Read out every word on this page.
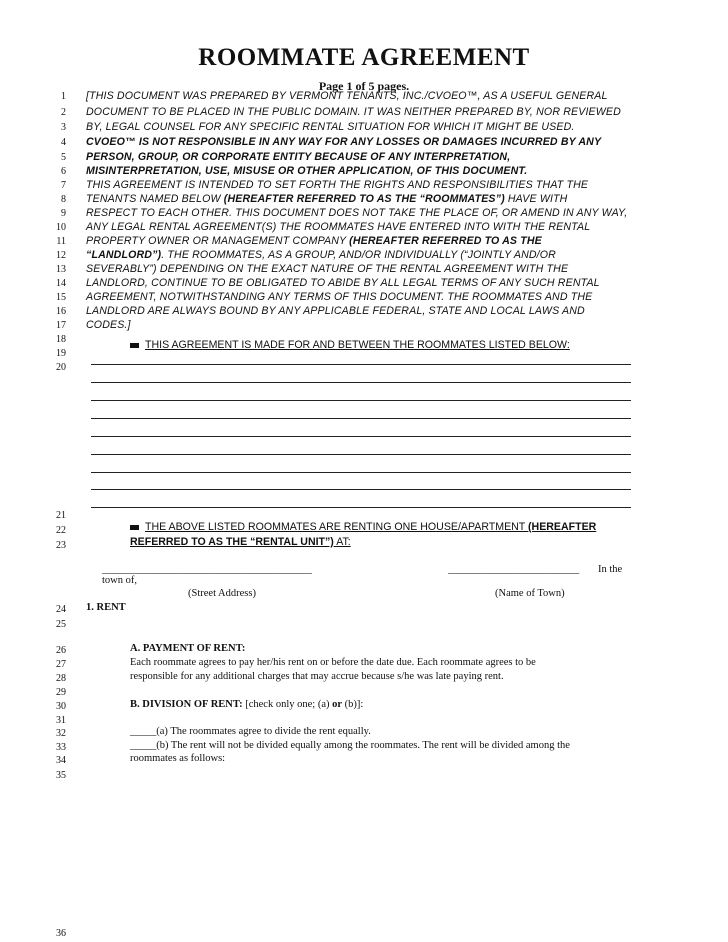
ROOMMATE AGREEMENT
Page 1 of 5 pages.
1 [THIS DOCUMENT WAS PREPARED BY VERMONT TENANTS, INC./CVOEO™, AS A USEFUL GENERAL
2 DOCUMENT TO BE PLACED IN THE PUBLIC DOMAIN. IT WAS NEITHER PREPARED BY, NOR REVIEWED
3 BY, LEGAL COUNSEL FOR ANY SPECIFIC RENTAL SITUATION FOR WHICH IT MIGHT BE USED.
4 CVOEO™ IS NOT RESPONSIBLE IN ANY WAY FOR ANY LOSSES OR DAMAGES INCURRED BY ANY
5 PERSON, GROUP, OR CORPORATE ENTITY BECAUSE OF ANY INTERPRETATION,
6 MISINTERPRETATION, USE, MISUSE OR OTHER APPLICATION, OF THIS DOCUMENT.
7 THIS AGREEMENT IS INTENDED TO SET FORTH THE RIGHTS AND RESPONSIBILITIES THAT THE
8 TENANTS NAMED BELOW (HEREAFTER REFERRED TO AS THE “ROOMMATES”) HAVE WITH
9 RESPECT TO EACH OTHER. THIS DOCUMENT DOES NOT TAKE THE PLACE OF, OR AMEND IN ANY WAY,
10 ANY LEGAL RENTAL AGREEMENT(S) THE ROOMMATES HAVE ENTERED INTO WITH THE RENTAL
11 PROPERTY OWNER OR MANAGEMENT COMPANY (HEREAFTER REFERRED TO AS THE
12 “LANDLORD”). THE ROOMMATES, AS A GROUP, AND/OR INDIVIDUALLY (“JOINTLY AND/OR
13 SEVERABLY”) DEPENDING ON THE EXACT NATURE OF THE RENTAL AGREEMENT WITH THE
14 LANDLORD, CONTINUE TO BE OBLIGATED TO ABIDE BY ALL LEGAL TERMS OF ANY SUCH RENTAL
15 AGREEMENT, NOTWITHSTANDING ANY TERMS OF THIS DOCUMENT. THE ROOMMATES AND THE
16 LANDLORD ARE ALWAYS BOUND BY ANY APPLICABLE FEDERAL, STATE AND LOCAL LAWS AND
17 CODES.]
18
19
20
THIS AGREEMENT IS MADE FOR AND BETWEEN THE ROOMMATES LISTED BELOW:
21
22
23
THE ABOVE LISTED ROOMMATES ARE RENTING ONE HOUSE/APARTMENT (HEREAFTER
REFERRED TO AS THE “RENTAL UNIT”) AT:
________________________________________	_________________________ In the
town of,
(Street Address)	(Name of Town)
24 1. RENT
25
26	A. PAYMENT OF RENT:
27	Each roommate agrees to pay her/his rent on or before the date due. Each roommate agrees to be
28	responsible for any additional charges that may accrue because s/he was late paying rent.
29
30	B. DIVISION OF RENT: [check only one; (a) or (b)]:
31
32	_____(a) The roommates agree to divide the rent equally.
33	_____(b) The rent will not be divided equally among the roommates. The rent will be divided among the
34	roommates as follows:
35
36
